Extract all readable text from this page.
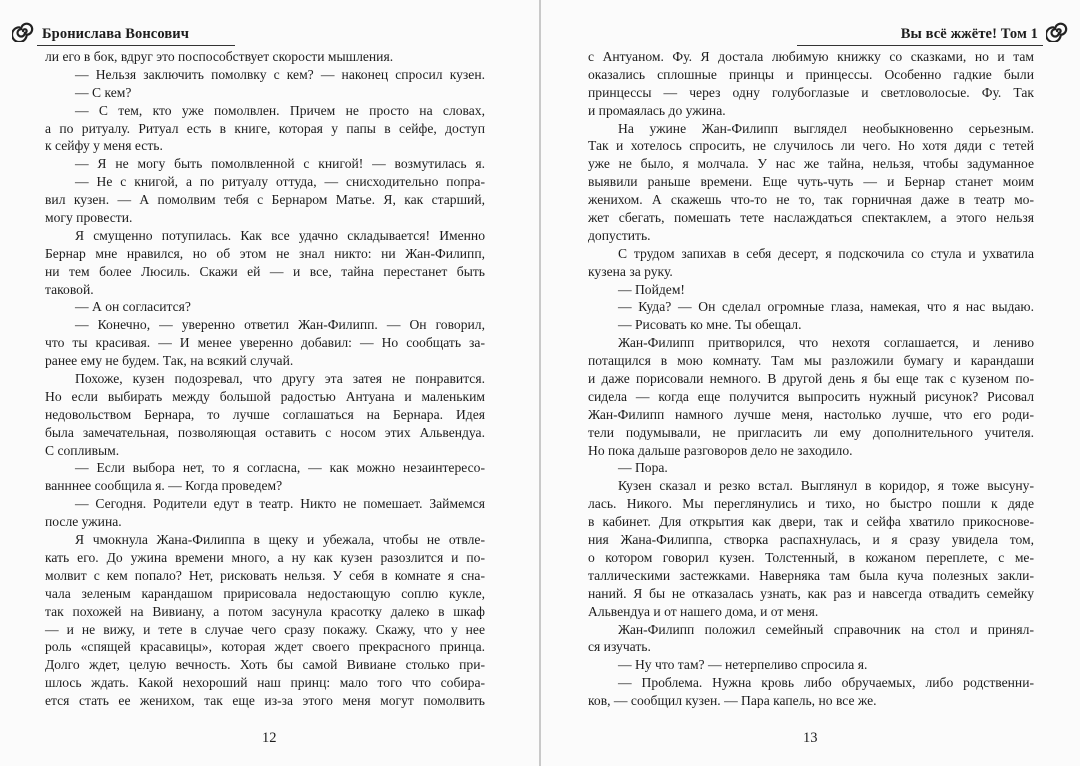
Брониславa Вонсович
ли его в бок, вдруг это поспособствует скорости мышления.
— Нельзя заключить помолвку с кем? — наконец спросил кузен.
— С кем?
— С тем, кто уже помолвлен. Причем не просто на словах,
а по ритуалу. Ритуал есть в книге, которая у папы в сейфе, доступ
к сейфу у меня есть.
— Я не могу быть помолвленной с книгой! — возмутилась я.
— Не с книгой, а по ритуалу оттуда, — снисходительно попра-
вил кузен. — А помолвим тебя с Бернаром Матье. Я, как старший,
могу провести.
Я смущенно потупилась. Как все удачно складывается! Именно
Бернар мне нравился, но об этом не знал никто: ни Жан-Филипп,
ни тем более Люсиль. Скажи ей — и все, тайна перестанет быть
таковой.
— А он согласится?
— Конечно, — уверенно ответил Жан-Филипп. — Он говорил,
что ты красивая. — И менее уверенно добавил: — Но сообщать за-
ранее ему не будем. Так, на всякий случай.
Похоже, кузен подозревал, что другу эта затея не понравится.
Но если выбирать между большой радостью Антуана и маленьким
недовольством Бернара, то лучше соглашаться на Бернара. Идея
была замечательная, позволяющая оставить с носом этих Альвендуа.
С сопливым.
— Если выбора нет, то я согласна, — как можно незаинтересо-
ванннее сообщила я. — Когда проведем?
— Сегодня. Родители едут в театр. Никто не помешает. Займемся
после ужина.
Я чмокнула Жана-Филиппа в щеку и убежала, чтобы не отвле-
кать его. До ужина времени много, а ну как кузен разозлится и по-
молвит с кем попало? Нет, рисковать нельзя. У себя в комнате я сна-
чала зеленым карандашом пририсовала недостающую соплю кукле,
так похожей на Вивиану, а потом засунула красотку далеко в шкаф
— и не вижу, и тете в случае чего сразу покажу. Скажу, что у нее
роль «спящей красавицы», которая ждет своего прекрасного принца.
Долго ждет, целую вечность. Хоть бы самой Вивиане столько при-
шлось ждать. Какой нехороший наш принц: мало того что собира-
ется стать ее женихом, так еще из-за этого меня могут помолвить
12
Вы всё жжёте! Том 1
с Антуаном. Фу. Я достала любимую книжку со сказками, но и там
оказались сплошные принцы и принцессы. Особенно гадкие были
принцессы — через одну голубоглазые и светловолосые. Фу. Так
и промаялась до ужина.
На ужине Жан-Филипп выглядел необыкновенно серьезным.
Так и хотелось спросить, не случилось ли чего. Но хотя дяди с тетей
уже не было, я молчала. У нас же тайна, нельзя, чтобы задуманное
выявили раньше времени. Еще чуть-чуть — и Бернар станет моим
женихом. А скажешь что-то не то, так горничная даже в театр мо-
жет сбегать, помешать тете наслаждаться спектаклем, а этого нельзя
допустить.
С трудом запихав в себя десерт, я подскочила со стула и ухватила
кузена за руку.
— Пойдем!
— Куда? — Он сделал огромные глаза, намекая, что я нас выдаю.
— Рисовать ко мне. Ты обещал.
Жан-Филипп притворился, что нехотя соглашается, и лениво
потащился в мою комнату. Там мы разложили бумагу и карандаши
и даже порисовали немного. В другой день я бы еще так с кузеном по-
сидела — когда еще получится выпросить нужный рисунок? Рисовал
Жан-Филипп намного лучше меня, настолько лучше, что его роди-
тели подумывали, не пригласить ли ему дополнительного учителя.
Но пока дальше разговоров дело не заходило.
— Пора.
Кузен сказал и резко встал. Выглянул в коридор, я тоже высуну-
лась. Никого. Мы переглянулись и тихо, но быстро пошли к дяде
в кабинет. Для открытия как двери, так и сейфа хватило прикоснове-
ния Жана-Филиппа, створка распахнулась, и я сразу увидела том,
о котором говорил кузен. Толстенный, в кожаном переплете, с ме-
таллическими застежками. Наверняка там была куча полезных закли-
наний. Я бы не отказалась узнать, как раз и навсегда отвадить семейку
Альвендуа и от нашего дома, и от меня.
Жан-Филипп положил семейный справочник на стол и принял-
ся изучать.
— Ну что там? — нетерпеливо спросила я.
— Проблема. Нужна кровь либо обручаемых, либо родственни-
ков, — сообщил кузен. — Пара капель, но все же.
13
